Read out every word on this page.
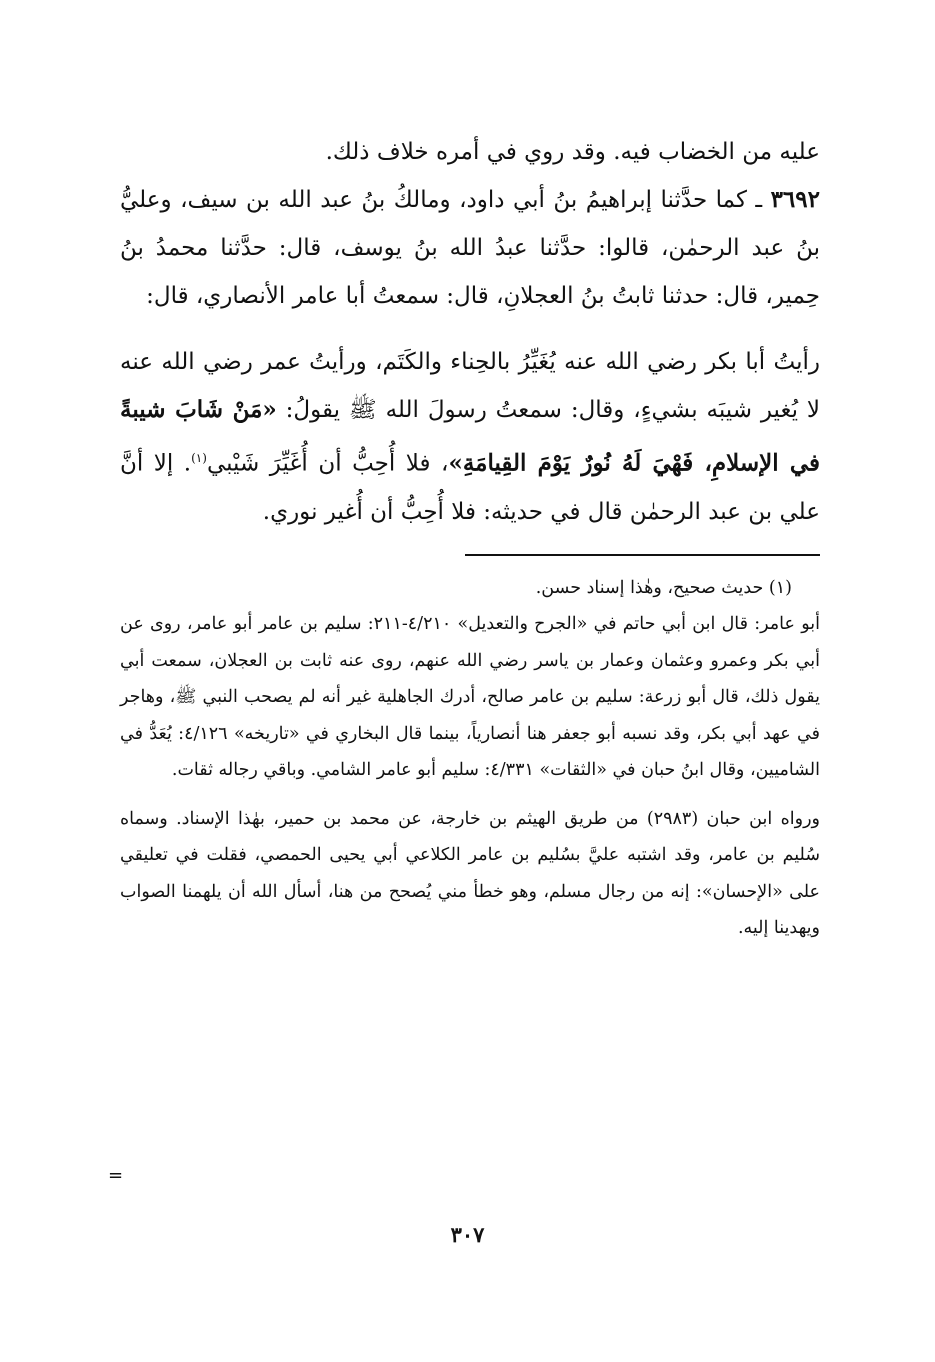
عليه من الخضاب فيه. وقد روي في أمره خلاف ذلك.

٣٦٩٢ ـ كما حدَّثنا إبراهيمُ بنُ أبي داود، ومالكُ بنُ عبد الله بن سيف، وعليُّ بنُ عبد الرحمٰن، قالوا: حدَّثنا عبدُ الله بنُ يوسف، قال: حدَّثنا محمدُ بنُ حِمير، قال: حدثنا ثابتُ بنُ العجلانِ، قال: سمعتُ أبا عامر الأنصاري، قال:

رأيتُ أبا بكر رضي الله عنه يُغَيِّرُ بالحِناء والكَتَم، ورأيتُ عمر رضي الله عنه لا يُغير شيبَه بشيءٍ، وقال: سمعتُ رسولَ الله ﷺ يقولُ: «مَنْ شَابَ شيبةً في الإسلامِ، فَهْيَ لَهُ نُورٌ يَوْمَ القِيامَةِ»، فلا أُحِبُّ أن أُغَيِّرَ شَيْبي$^{(١)}$. إلا أنَّ علي بن عبد الرحمٰن قال في حديثه: فلا أُحِبُّ أن أُغير نوري.

(١) حديث صحيح، وهٰذا إسناد حسن.

أبو عامر: قال ابن أبي حاتم في «الجرح والتعديل» ٤/٢١٠-٢١١: سليم بن عامر أبو عامر، روى عن أبي بكر وعمرو وعثمان وعمار بن ياسر رضي الله عنهم، روى عنه ثابت بن العجلان، سمعت أبي يقول ذلك، قال أبو زرعة: سليم بن عامر صالح، أدرك الجاهلية غير أنه لم يصحب النبي ﷺ، وهاجر في عهد أبي بكر، وقد نسبه أبو جعفر هنا أنصارياً، بينما قال البخاري في «تاريخه» ٤/١٢٦: يُعَدُّ في الشاميين، وقال ابنُ حبان في «الثقات» ٤/٣٣١: سليم أبو عامر الشامي. وباقي رجاله ثقات.

ورواه ابن حبان (٢٩٨٣) من طريق الهيثم بن خارجة، عن محمد بن حمير، بهٰذا الإسناد. وسماه سُليم بن عامر، وقد اشتبه عليَّ بسُليم بن عامر الكلاعي أبي يحيى الحمصي، فقلت في تعليقي على «الإحسان»: إنه من رجال مسلم، وهو خطأ مني يُصحح من هنا، أسأل الله أن يلهمنا الصواب ويهدينا إليه.

=
٣٠٧
